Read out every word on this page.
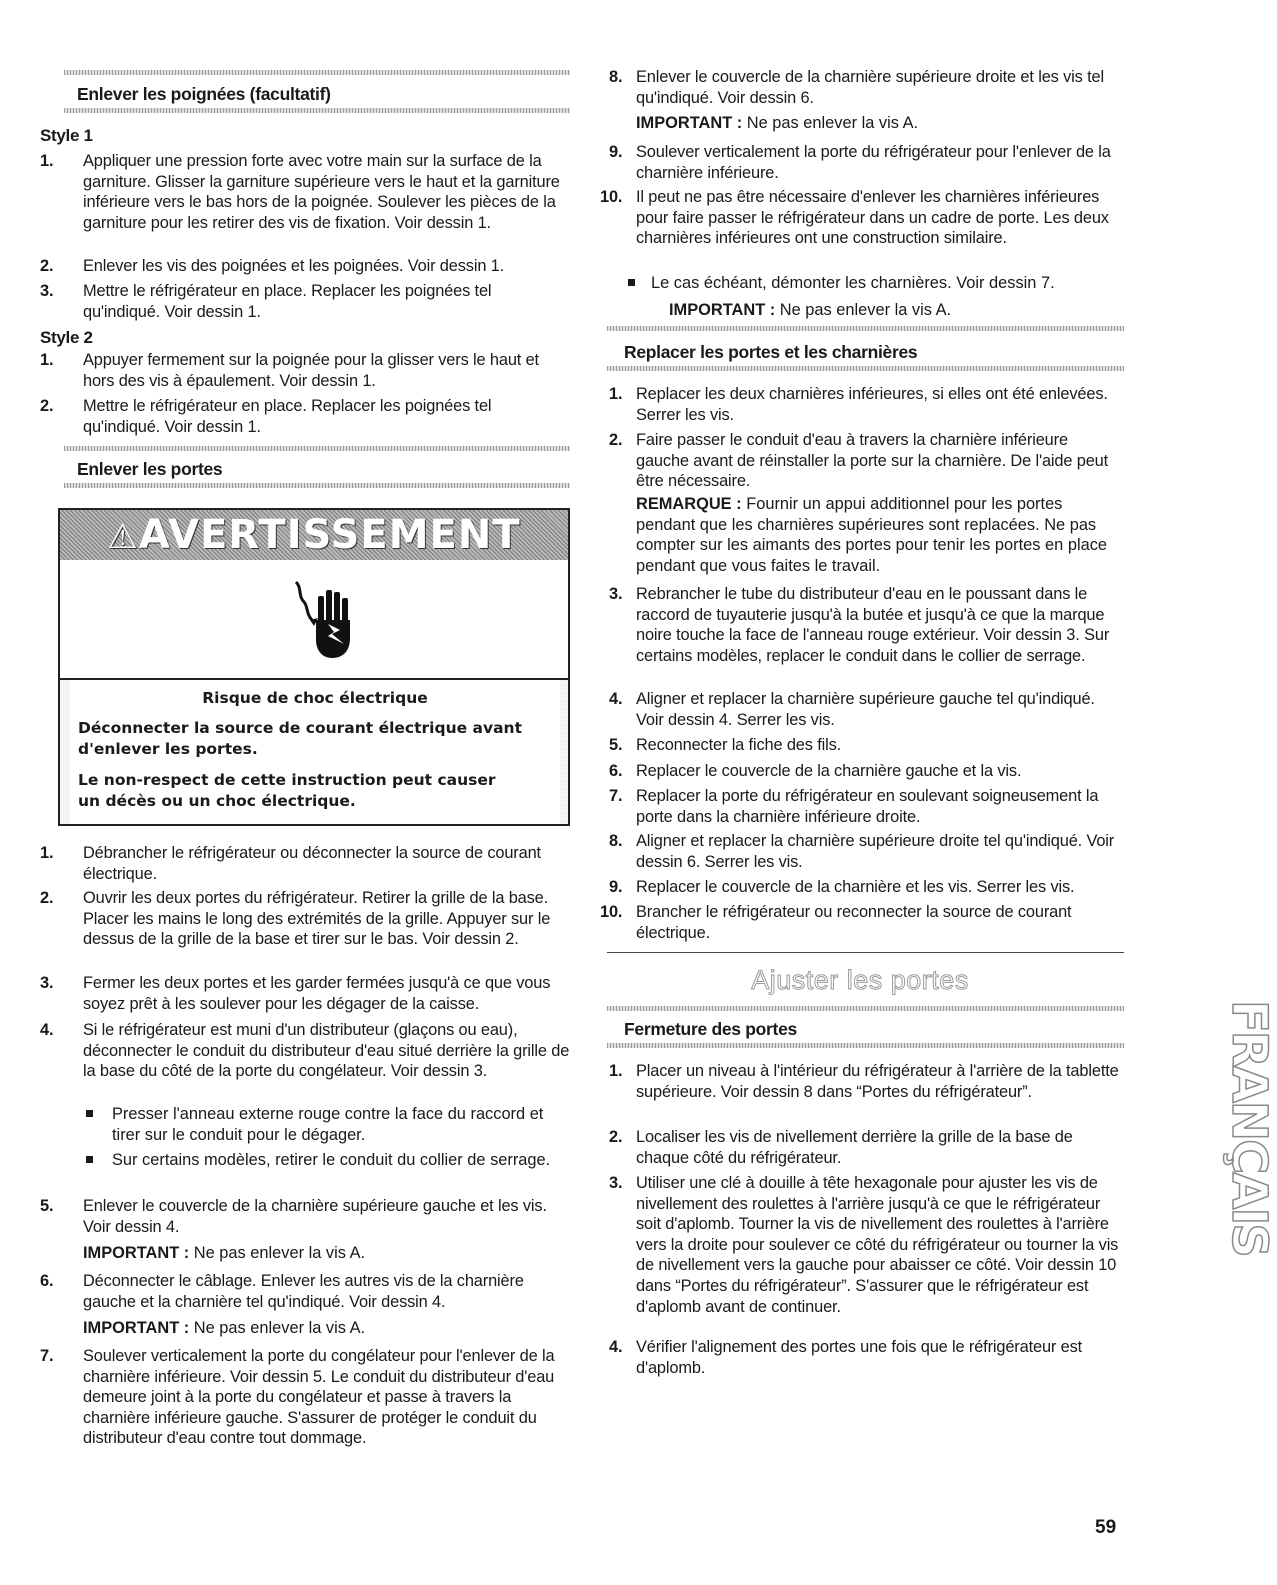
Enlever les poignées (facultatif)
Style 1
1.	Appliquer une pression forte avec votre main sur la surface de la garniture. Glisser la garniture supérieure vers le haut et la garniture inférieure vers le bas hors de la poignée. Soulever les pièces de la garniture pour les retirer des vis de fixation. Voir dessin 1.
2.	Enlever les vis des poignées et les poignées. Voir dessin 1.
3.	Mettre le réfrigérateur en place. Replacer les poignées tel qu'indiqué. Voir dessin 1.
Style 2
1.	Appuyer fermement sur la poignée pour la glisser vers le haut et hors des vis à épaulement. Voir dessin 1.
2.	Mettre le réfrigérateur en place. Replacer les poignées tel qu'indiqué. Voir dessin 1.
Enlever les portes
⚠AVERTISSEMENT
Risque de choc électrique
Déconnecter la source de courant électrique avant
d'enlever les portes.
Le non-respect de cette instruction peut causer
un décès ou un choc électrique.
1.	Débrancher le réfrigérateur ou déconnecter la source de courant électrique.
2.	Ouvrir les deux portes du réfrigérateur. Retirer la grille de la base. Placer les mains le long des extrémités de la grille. Appuyer sur le dessus de la grille de la base et tirer sur le bas. Voir dessin 2.
3.	Fermer les deux portes et les garder fermées jusqu'à ce que vous soyez prêt à les soulever pour les dégager de la caisse.
4.	Si le réfrigérateur est muni d'un distributeur (glaçons ou eau), déconnecter le conduit du distributeur d'eau situé derrière la grille de la base du côté de la porte du congélateur. Voir dessin 3.
Presser l'anneau externe rouge contre la face du raccord et tirer sur le conduit pour le dégager.
Sur certains modèles, retirer le conduit du collier de serrage.
5.	Enlever le couvercle de la charnière supérieure gauche et les vis. Voir dessin 4.
IMPORTANT : Ne pas enlever la vis A.
6.	Déconnecter le câblage. Enlever les autres vis de la charnière gauche et la charnière tel qu'indiqué. Voir dessin 4.
IMPORTANT : Ne pas enlever la vis A.
7.	Soulever verticalement la porte du congélateur pour l'enlever de la charnière inférieure. Voir dessin 5. Le conduit du distributeur d'eau demeure joint à la porte du congélateur et passe à travers la charnière inférieure gauche. S'assurer de protéger le conduit du distributeur d'eau contre tout dommage.
8. Enlever le couvercle de la charnière supérieure droite et les vis tel qu'indiqué. Voir dessin 6.
IMPORTANT : Ne pas enlever la vis A.
9. Soulever verticalement la porte du réfrigérateur pour l'enlever de la charnière inférieure.
10. Il peut ne pas être nécessaire d'enlever les charnières inférieures pour faire passer le réfrigérateur dans un cadre de porte. Les deux charnières inférieures ont une construction similaire.
Le cas échéant, démonter les charnières. Voir dessin 7.
IMPORTANT : Ne pas enlever la vis A.
Replacer les portes et les charnières
1. Replacer les deux charnières inférieures, si elles ont été enlevées. Serrer les vis.
2. Faire passer le conduit d'eau à travers la charnière inférieure gauche avant de réinstaller la porte sur la charnière. De l'aide peut être nécessaire.
REMARQUE : Fournir un appui additionnel pour les portes pendant que les charnières supérieures sont replacées. Ne pas compter sur les aimants des portes pour tenir les portes en place pendant que vous faites le travail.
3. Rebrancher le tube du distributeur d'eau en le poussant dans le raccord de tuyauterie jusqu'à la butée et jusqu'à ce que la marque noire touche la face de l'anneau rouge extérieur. Voir dessin 3. Sur certains modèles, replacer le conduit dans le collier de serrage.
4. Aligner et replacer la charnière supérieure gauche tel qu'indiqué. Voir dessin 4. Serrer les vis.
5. Reconnecter la fiche des fils.
6. Replacer le couvercle de la charnière gauche et la vis.
7. Replacer la porte du réfrigérateur en soulevant soigneusement la porte dans la charnière inférieure droite.
8. Aligner et replacer la charnière supérieure droite tel qu'indiqué. Voir dessin 6. Serrer les vis.
9. Replacer le couvercle de la charnière et les vis. Serrer les vis.
10. Brancher le réfrigérateur ou reconnecter la source de courant électrique.
Ajuster les portes
Fermeture des portes
1. Placer un niveau à l'intérieur du réfrigérateur à l'arrière de la tablette supérieure. Voir dessin 8 dans “Portes du réfrigérateur”.
2. Localiser les vis de nivellement derrière la grille de la base de chaque côté du réfrigérateur.
3. Utiliser une clé à douille à tête hexagonale pour ajuster les vis de nivellement des roulettes à l'arrière jusqu'à ce que le réfrigérateur soit d'aplomb. Tourner la vis de nivellement des roulettes à l'arrière vers la droite pour soulever ce côté du réfrigérateur ou tourner la vis de nivellement vers la gauche pour abaisser ce côté. Voir dessin 10 dans “Portes du réfrigérateur”. S'assurer que le réfrigérateur est d'aplomb avant de continuer.
4. Vérifier l'alignement des portes une fois que le réfrigérateur est d'aplomb.
FRANÇAIS
59
